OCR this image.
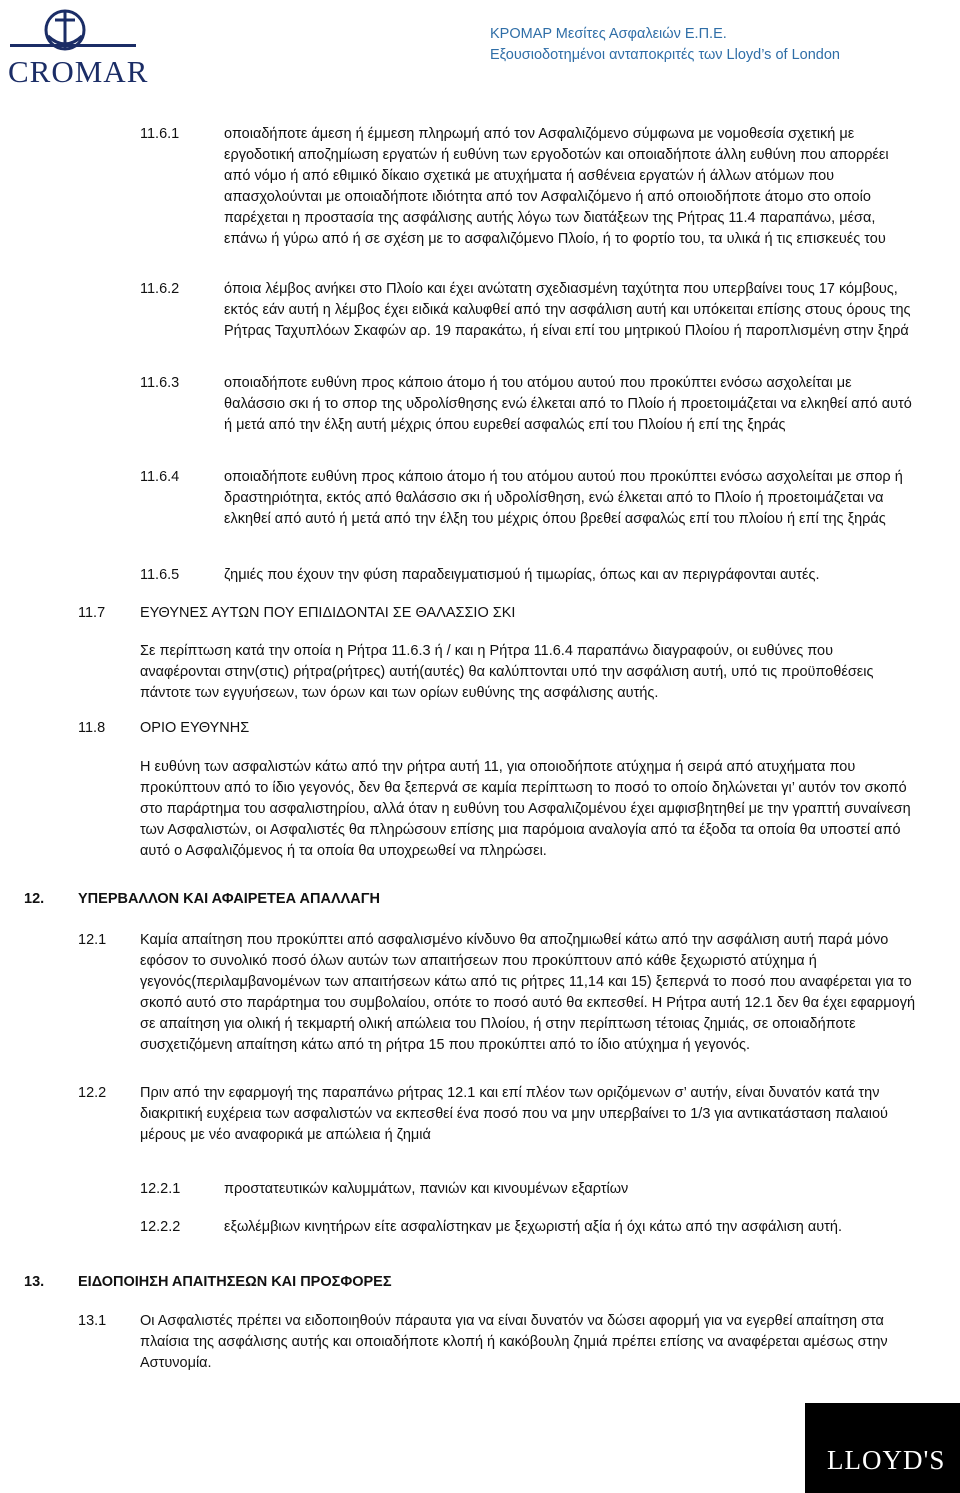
CROMAR
ΚΡΟΜΑΡ Μεσίτες Ασφαλειών Ε.Π.Ε.
Εξουσιοδοτημένοι ανταποκριτές των Lloyd’s of London
11.6.1	οποιαδήποτε άμεση ή έμμεση πληρωμή από τον Ασφαλιζόμενο σύμφωνα με νομοθεσία σχετική με εργοδοτική αποζημίωση εργατών ή ευθύνη των εργοδοτών και οποιαδήποτε άλλη ευθύνη που απορρέει από νόμο ή από εθιμικό δίκαιο σχετικά με ατυχήματα ή ασθένεια εργατών ή άλλων ατόμων που απασχολούνται με οποιαδήποτε ιδιότητα από τον Ασφαλιζόμενο ή από οποιοδήποτε άτομο στο οποίο παρέχεται η προστασία της ασφάλισης αυτής λόγω των διατάξεων της Ρήτρας 11.4 παραπάνω, μέσα, επάνω ή γύρω από ή σε σχέση με το ασφαλιζόμενο Πλοίο, ή το φορτίο του, τα υλικά ή τις επισκευές του
11.6.2	όποια λέμβος ανήκει στο Πλοίο και έχει ανώτατη σχεδιασμένη ταχύτητα που υπερβαίνει τους 17 κόμβους, εκτός εάν αυτή η λέμβος έχει ειδικά καλυφθεί από την ασφάλιση αυτή και υπόκειται επίσης στους όρους της Ρήτρας Ταχυπλόων Σκαφών αρ. 19 παρακάτω, ή είναι επί του μητρικού Πλοίου ή παροπλισμένη στην ξηρά
11.6.3	οποιαδήποτε ευθύνη προς κάποιο άτομο ή του ατόμου αυτού που προκύπτει ενόσω ασχολείται με θαλάσσιο σκι ή το σπορ της υδρολίσθησης ενώ έλκεται από το Πλοίο ή προετοιμάζεται να ελκηθεί από αυτό ή μετά από την έλξη αυτή μέχρις όπου ευρεθεί ασφαλώς επί του Πλοίου ή επί της ξηράς
11.6.4	οποιαδήποτε ευθύνη προς κάποιο άτομο ή του ατόμου αυτού που προκύπτει ενόσω ασχολείται με σπορ ή δραστηριότητα, εκτός από θαλάσσιο σκι ή υδρολίσθηση, ενώ έλκεται από το Πλοίο ή προετοιμάζεται να ελκηθεί από αυτό ή μετά από την έλξη του μέχρις όπου βρεθεί ασφαλώς επί του πλοίου ή επί της ξηράς
11.6.5	ζημιές που έχουν την φύση παραδειγματισμού ή τιμωρίας, όπως και αν περιγράφονται αυτές.
11.7 ΕΥΘΥΝΕΣ ΑΥΤΩΝ ΠΟΥ ΕΠΙΔΙΔΟΝΤΑΙ ΣΕ ΘΑΛΑΣΣΙΟ ΣΚΙ
Σε περίπτωση κατά την οποία η Ρήτρα 11.6.3 ή / και η Ρήτρα 11.6.4 παραπάνω διαγραφούν, οι ευθύνες που αναφέρονται στην(στις) ρήτρα(ρήτρες) αυτή(αυτές) θα καλύπτονται υπό την ασφάλιση αυτή, υπό τις προϋποθέσεις πάντοτε των εγγυήσεων, των όρων και των ορίων ευθύνης της ασφάλισης αυτής.
11.8 ΟΡΙΟ ΕΥΘΥΝΗΣ
Η ευθύνη των ασφαλιστών κάτω από την ρήτρα αυτή 11, για οποιοδήποτε ατύχημα ή σειρά από ατυχήματα που προκύπτουν από το ίδιο γεγονός, δεν θα ξεπερνά σε καμία περίπτωση το ποσό το οποίο δηλώνεται γι’ αυτόν τον σκοπό στο παράρτημα του ασφαλιστηρίου, αλλά όταν η ευθύνη του Ασφαλιζομένου έχει αμφισβητηθεί με την γραπτή συναίνεση των Ασφαλιστών, οι Ασφαλιστές θα πληρώσουν επίσης μια παρόμοια αναλογία από τα έξοδα τα οποία θα υποστεί από αυτό ο Ασφαλιζόμενος ή τα οποία θα υποχρεωθεί να πληρώσει.
12. ΥΠΕΡΒΑΛΛΟΝ ΚΑΙ ΑΦΑΙΡΕΤΕΑ ΑΠΑΛΛΑΓΗ
12.1 Καμία απαίτηση που προκύπτει από ασφαλισμένο κίνδυνο θα αποζημιωθεί κάτω από την ασφάλιση αυτή παρά μόνο εφόσον το συνολικό ποσό όλων αυτών των απαιτήσεων που προκύπτουν από κάθε ξεχωριστό ατύχημα ή γεγονός(περιλαμβανομένων των απαιτήσεων κάτω από τις ρήτρες 11,14 και 15) ξεπερνά το ποσό που αναφέρεται για το σκοπό αυτό στο παράρτημα του συμβολαίου, οπότε το ποσό αυτό θα εκπεσθεί. Η Ρήτρα αυτή 12.1 δεν θα έχει εφαρμογή σε απαίτηση για ολική ή τεκμαρτή ολική απώλεια του Πλοίου, ή στην περίπτωση τέτοιας ζημιάς, σε οποιαδήποτε συσχετιζόμενη απαίτηση κάτω από τη ρήτρα 15 που προκύπτει από το ίδιο ατύχημα ή γεγονός.
12.2 Πριν από την εφαρμογή της παραπάνω ρήτρας 12.1 και επί πλέον των οριζόμενων σ’ αυτήν, είναι δυνατόν κατά την διακριτική ευχέρεια των ασφαλιστών να εκπεσθεί ένα ποσό που να μην υπερβαίνει το 1/3 για αντικατάσταση παλαιού μέρους με νέο αναφορικά με απώλεια ή ζημιά
12.2.1	προστατευτικών καλυμμάτων, πανιών και κινουμένων εξαρτίων
12.2.2	εξωλέμβιων κινητήρων είτε ασφαλίστηκαν με ξεχωριστή αξία ή όχι κάτω από την ασφάλιση αυτή.
13. ΕΙΔΟΠΟΙΗΣΗ ΑΠΑΙΤΗΣΕΩΝ ΚΑΙ ΠΡΟΣΦΟΡΕΣ
13.1 Οι Ασφαλιστές πρέπει να ειδοποιηθούν πάραυτα για να είναι δυνατόν να δώσει αφορμή για να εγερθεί απαίτηση στα πλαίσια της ασφάλισης αυτής και οποιαδήποτε κλοπή ή κακόβουλη ζημιά πρέπει επίσης να αναφέρεται αμέσως στην Αστυνομία.
LLOYD'S
